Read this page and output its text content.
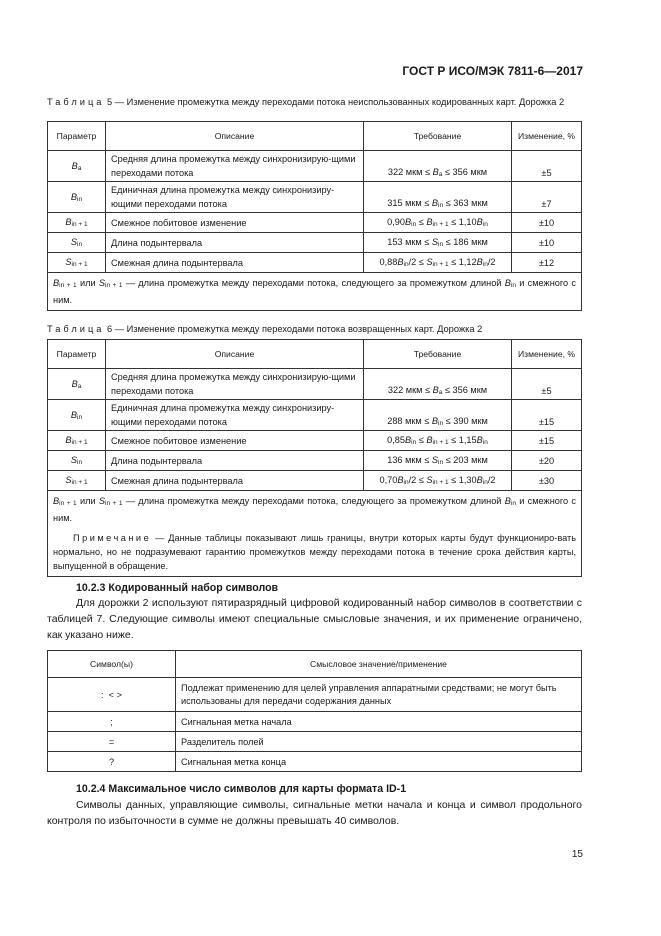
ГОСТ Р ИСО/МЭК 7811-6—2017
Таблица 5 — Изменение промежутка между переходами потока неиспользованных кодированных карт. Дорожка 2
Параметр	Описание	Требование	Изменение, %
Ba	Средняя длина промежутка между синхронизирую-щими переходами потока	322 мкм ≤ Ba ≤ 356 мкм	±5
Bin	Единичная длина промежутка между синхронизиру-ющими переходами потока	315 мкм ≤ Bin ≤ 363 мкм	±7
Bin + 1	Смежное побитовое изменение	0,90Bin ≤ Bin + 1 ≤ 1,10Bin	±10
Sin	Длина подынтервала	153 мкм ≤ Sin ≤ 186 мкм	±10
Sin + 1	Смежная длина подынтервала	0,88Bin/2 ≤ Sin + 1 ≤ 1,12Bin/2	±12

Bin + 1 или Sin + 1 — длина промежутка между переходами потока, следующего за промежутком длиной Bin и смежного с ним.			
Таблица 6 — Изменение промежутка между переходами потока возвращенных карт. Дорожка 2
Параметр	Описание	Требование	Изменение, %
Ba	Средняя длина промежутка между синхронизирую-щими переходами потока	322 мкм ≤ Ba ≤ 356 мкм	±5
Bin	Единичная длина промежутка между синхронизиру-ющими переходами потока	288 мкм ≤ Bin ≤ 390 мкм	±15
Bin + 1	Смежное побитовое изменение	0,85Bin ≤ Bin + 1 ≤ 1,15Bin	±15
Sin	Длина подынтервала	136 мкм ≤ Sin ≤ 203 мкм	±20
Sin + 1	Смежная длина подынтервала	0,70Bin/2 ≤ Sin + 1 ≤ 1,30Bin/2	±30

Bin + 1 или Sin + 1 — длина промежутка между переходами потока, следующего за промежутком длиной Bin и смежного с ним.
Примечание — Данные таблицы показывают лишь границы, внутри которых карты будут функциониро-вать нормально, но не подразумевают гарантию промежутков между переходами потока в течение срока действия карты, выпущенной в обращение.			
10.2.3 Кодированный набор символов
Для дорожки 2 используют пятиразрядный цифровой кодированный набор символов в соответствии с таблицей 7. Следующие символы имеют специальные смысловые значения, и их применение ограничено, как указано ниже.
Символ(ы)	Смысловое значение/применение
:  < >	Подлежат применению для целей управления аппаратными средствами; не могут быть использованы для передачи содержания данных
;	Сигнальная метка начала
=	Разделитель полей
?	Сигнальная метка конца
10.2.4 Максимальное число символов для карты формата ID-1
Символы данных, управляющие символы, сигнальные метки начала и конца и символ продольного контроля по избыточности в сумме не должны превышать 40 символов.
15
